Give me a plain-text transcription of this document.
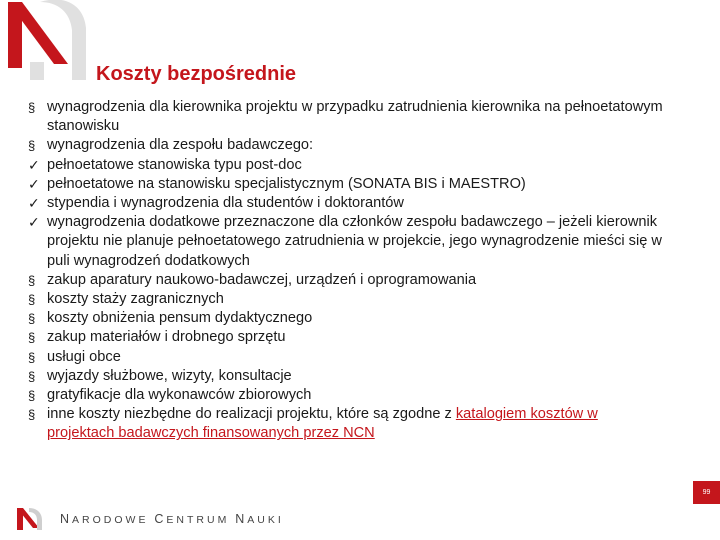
Koszty bezpośrednie
§ wynagrodzenia dla kierownika projektu w przypadku zatrudnienia kierownika na pełnoetatowym stanowisku
§ wynagrodzenia dla zespołu badawczego:
✓ pełnoetatowe stanowiska typu post-doc
✓ pełnoetatowe na stanowisku specjalistycznym (SONATA BIS i MAESTRO)
✓ stypendia i wynagrodzenia dla studentów i doktorantów
✓ wynagrodzenia dodatkowe przeznaczone dla członków zespołu badawczego – jeżeli kierownik projektu nie planuje pełnoetatowego zatrudnienia w projekcie, jego wynagrodzenie mieści się w puli wynagrodzeń dodatkowych
§ zakup aparatury naukowo-badawczej, urządzeń i oprogramowania
§ koszty staży zagranicznych
§ koszty obniżenia pensum dydaktycznego
§ zakup materiałów i drobnego sprzętu
§ usługi obce
§ wyjazdy służbowe, wizyty, konsultacje
§ gratyfikacje dla wykonawców zbiorowych
§ inne koszty niezbędne do realizacji projektu, które są zgodne z katalogiem kosztów w projektach badawczych finansowanych przez NCN
NARODOWE CENTRUM NAUKI
99
